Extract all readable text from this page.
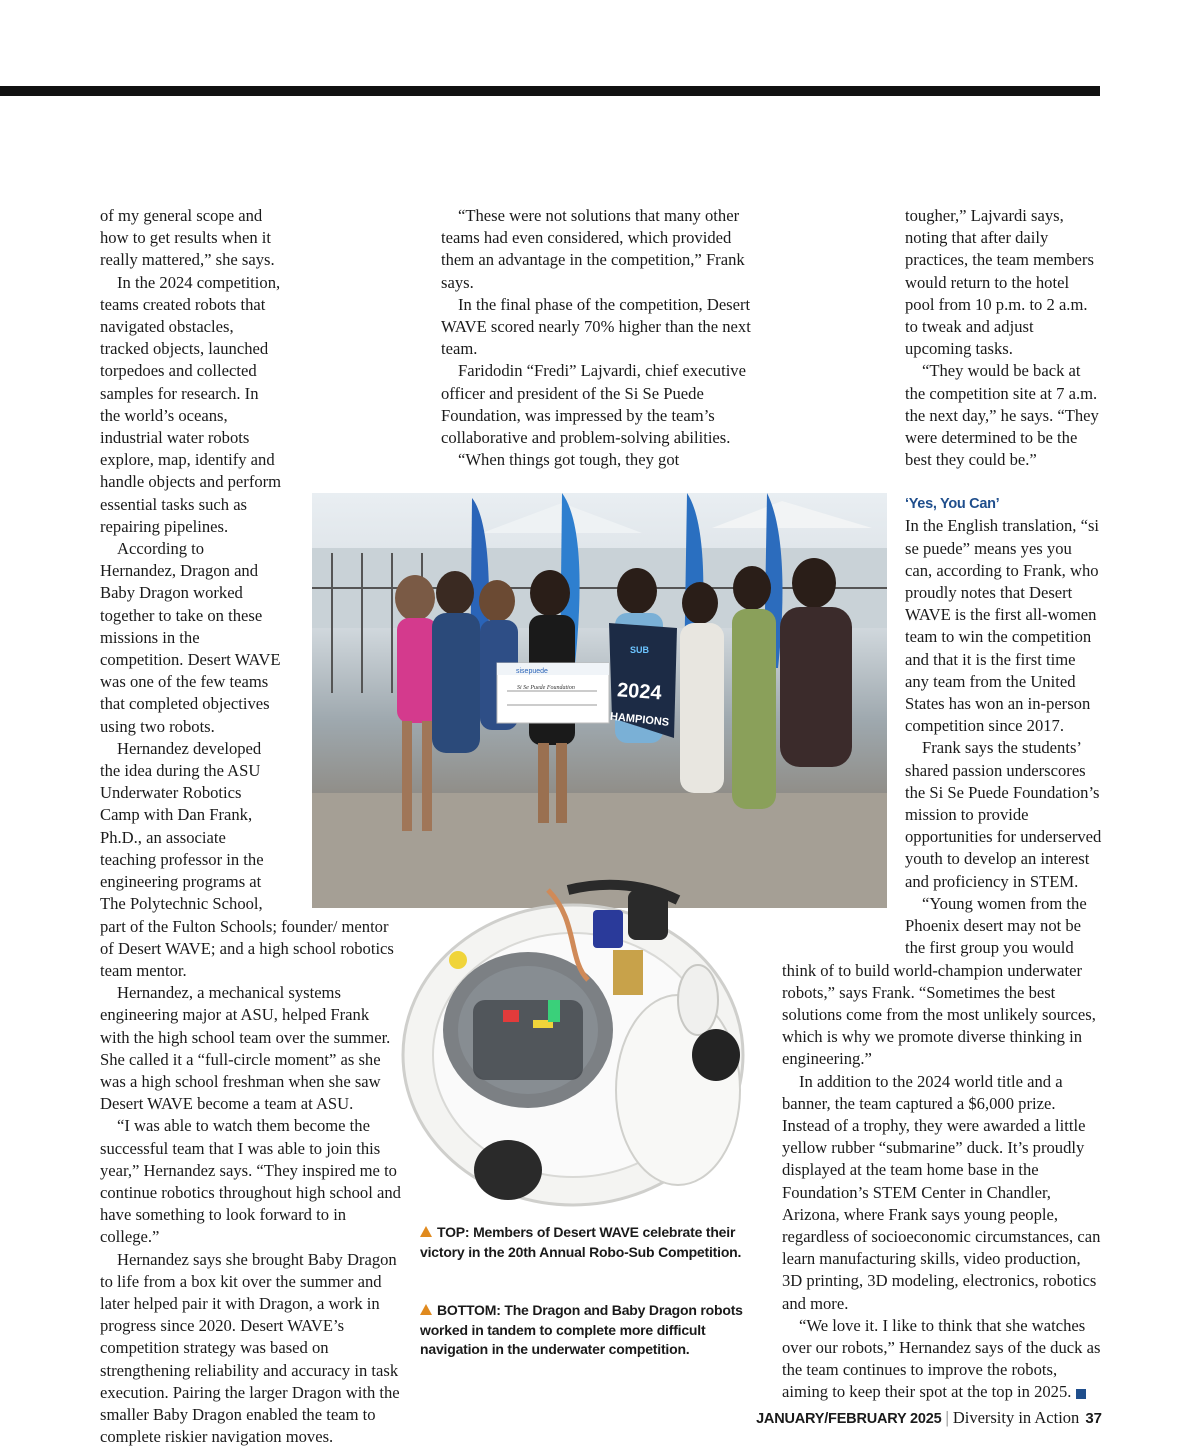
of my general scope and how to get results when it really mattered,” she says.

In the 2024 competition, teams created robots that navigated obstacles, tracked objects, launched torpedoes and collected samples for research. In the world’s oceans, industrial water robots explore, map, identify and handle objects and perform essential tasks such as repairing pipelines.

According to Hernandez, Dragon and Baby Dragon worked together to take on these missions in the competition. Desert WAVE was one of the few teams that completed objectives using two robots.

Hernandez developed the idea during the ASU Underwater Robotics Camp with Dan Frank, Ph.D., an associate teaching professor in the engineering programs at The Polytechnic School, part of the Fulton Schools; founder/ mentor of Desert WAVE; and a high school robotics team mentor.

Hernandez, a mechanical systems engineering major at ASU, helped Frank with the high school team over the summer. She called it a “full-circle moment” as she was a high school freshman when she saw Desert WAVE become a team at ASU.

“I was able to watch them become the successful team that I was able to join this year,” Hernandez says. “They inspired me to continue robotics throughout high school and have something to look forward to in college.”

Hernandez says she brought Baby Dragon to life from a box kit over the summer and later helped pair it with Dragon, a work in progress since 2020. Desert WAVE’s competition strategy was based on strengthening reliability and accuracy in task execution. Pairing the larger Dragon with the smaller Baby Dragon enabled the team to complete riskier navigation moves.

“These were not solutions that many other teams had even considered, which provided them an advantage in the competition,” Frank says.

In the final phase of the competition, Desert WAVE scored nearly 70% higher than the next team.

Faridodin “Fredi” Lajvardi, chief executive officer and president of the Si Se Puede Foundation, was impressed by the team’s collaborative and problem-solving abilities.

“When things got tough, they got

tougher,” Lajvardi says, noting that after daily practices, the team members would return to the hotel pool from 10 p.m. to 2 a.m. to tweak and adjust upcoming tasks.

“They would be back at the competition site at 7 a.m. the next day,” he says. “They were determined to be the best they could be.”

‘Yes, You Can’

In the English translation, “si se puede” means yes you can, according to Frank, who proudly notes that Desert WAVE is the first all-women team to win the competition and that it is the first time any team from the United States has won an in-person competition since 2017.

Frank says the students’ shared passion underscores the Si Se Puede Foundation’s mission to provide opportunities for underserved youth to develop an interest and proficiency in STEM.

“Young women from the Phoenix desert may not be the first group you would think of to build world-champion underwater robots,” says Frank. “Sometimes the best solutions come from the most unlikely sources, which is why we promote diverse thinking in engineering.”

In addition to the 2024 world title and a banner, the team captured a $6,000 prize. Instead of a trophy, they were awarded a little yellow rubber “submarine” duck. It’s proudly displayed at the team home base in the Foundation’s STEM Center in Chandler, Arizona, where Frank says young people, regardless of socioeconomic circumstances, can learn manufacturing skills, video production, 3D printing, 3D modeling, electronics, robotics and more.

“We love it. I like to think that she watches over our robots,” Hernandez says of the duck as the team continues to improve the robots, aiming to keep their spot at the top in 2025.

sisepuede
Si Se Puede Foundation
SUB
2024
HAMPIONS
TOP: Members of Desert WAVE celebrate their victory in the 20th Annual Robo-Sub Competition.
BOTTOM: The Dragon and Baby Dragon robots worked in tandem to complete more difficult navigation in the underwater competition.
JANUARY/FEBRUARY 2025 | Diversity in Action 37
